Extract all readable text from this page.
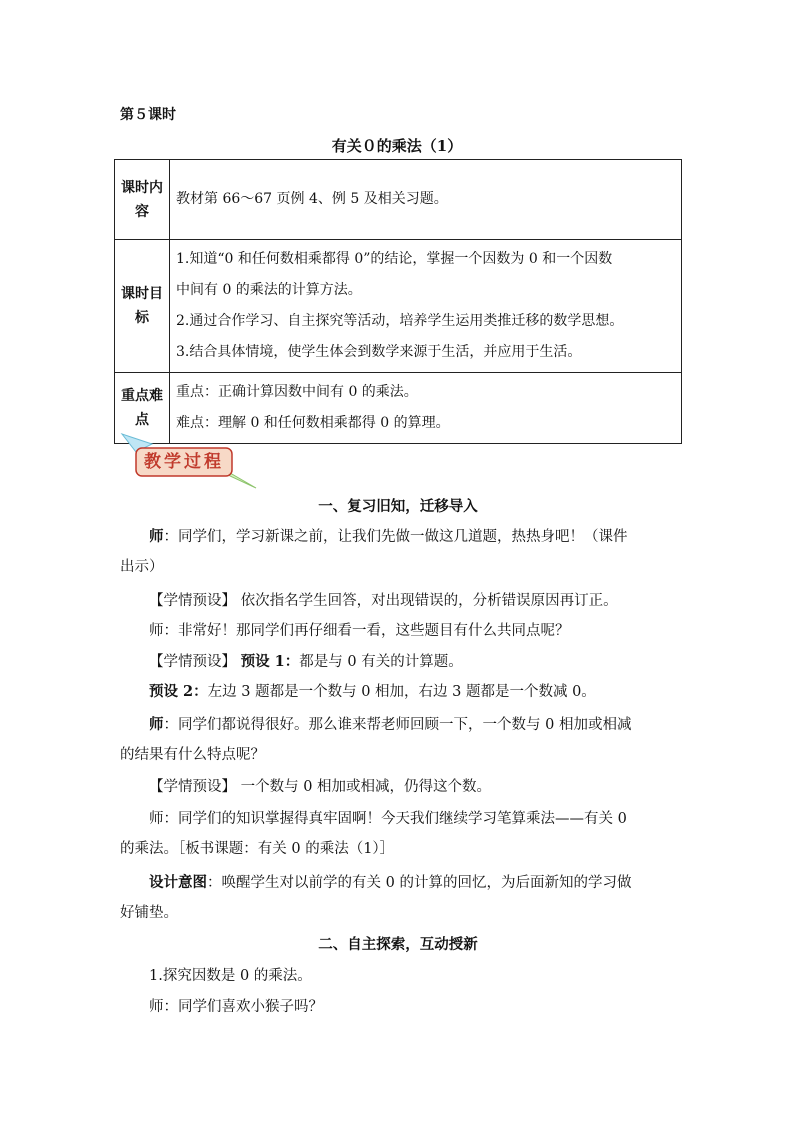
第５课时
有关０的乘法（1）
课时内容	教材第 66～67 页例 4、例 5 及相关习题。
课时目标	1.知道“0 和任何数相乘都得 0”的结论，掌握一个因数为 0 和一个因数

中间有 0 的乘法的计算方法。

2.通过合作学习、自主探究等活动，培养学生运用类推迁移的数学思想。

3.结合具体情境，使学生体会到数学来源于生活，并应用于生活。

重点难点	重点：正确计算因数中间有 0 的乘法。

难点：理解 0 和任何数相乘都得 0 的算理。

教学过程
一、复习旧知，迁移导入
师：同学们，学习新课之前，让我们先做一做这几道题，热热身吧！（课件
出示）
【学情预设】 依次指名学生回答，对出现错误的，分析错误原因再订正。
师：非常好！那同学们再仔细看一看，这些题目有什么共同点呢？
【学情预设】 预设 1：都是与 0 有关的计算题。
预设 2：左边 3 题都是一个数与 0 相加，右边 3 题都是一个数减 0。
师：同学们都说得很好。那么谁来帮老师回顾一下，一个数与 0 相加或相减
的结果有什么特点呢？
【学情预设】 一个数与 0 相加或相减，仍得这个数。
师：同学们的知识掌握得真牢固啊！今天我们继续学习笔算乘法——有关 0
的乘法。［板书课题：有关 0 的乘法（1）］
设计意图：唤醒学生对以前学的有关 0 的计算的回忆，为后面新知的学习做
好铺垫。
二、自主探索，互动授新
1.探究因数是 0 的乘法。
师：同学们喜欢小猴子吗？
